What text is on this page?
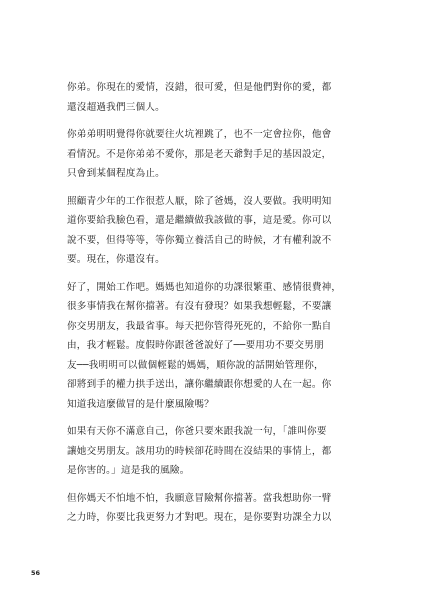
你弟。你現在的愛情，沒錯，很可愛，但是他們對你的愛，都
還沒超過我們三個人。
你弟弟明明覺得你就要往火坑裡跳了，也不一定會拉你，他會
看情況。不是你弟弟不愛你，那是老天爺對手足的基因設定，
只會到某個程度為止。
照顧青少年的工作很惹人厭，除了爸媽，沒人要做。我明明知
道你要給我臉色看，還是繼續做我該做的事，這是愛。你可以
說不要，但得等等，等你獨立養活自己的時候，才有權利說不
要。現在，你還沒有。
好了，開始工作吧。媽媽也知道你的功課很繁重、感情很費神，
很多事情我在幫你擋著。有沒有發現？如果我想輕鬆，不要讓
你交男朋友，我最省事。每天把你管得死死的，不給你一點自
由，我才輕鬆。度假時你跟爸爸說好了──要用功不要交男朋
友──我明明可以做個輕鬆的媽媽，順你說的話開始管理你，
卻將到手的權力拱手送出，讓你繼續跟你想愛的人在一起。你
知道我這麼做冒的是什麼風險嗎？
如果有天你不滿意自己，你爸只要來跟我說一句，「誰叫你要
讓她交男朋友。該用功的時候卻花時間在沒結果的事情上，都
是你害的。」這是我的風險。
但你媽天不怕地不怕，我願意冒險幫你擋著。當我想助你一臂
之力時，你要比我更努力才對吧。現在，是你要對功課全力以
56
